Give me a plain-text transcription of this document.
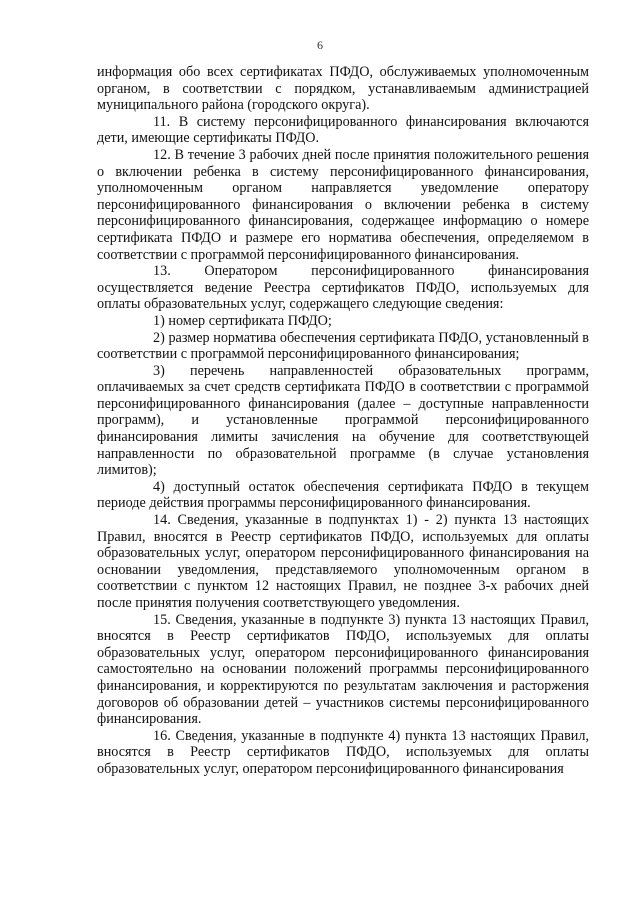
6

информация обо всех сертификатах ПФДО, обслуживаемых уполномоченным органом, в соответствии с порядком, устанавливаемым администрацией муниципального района (городского округа).

11. В систему персонифицированного финансирования включаются дети, имеющие сертификаты ПФДО.

12. В течение 3 рабочих дней после принятия положительного решения о включении ребенка в систему персонифицированного финансирования, уполномоченным органом направляется уведомление оператору персонифицированного финансирования о включении ребенка в систему персонифицированного финансирования, содержащее информацию о номере сертификата ПФДО и размере его норматива обеспечения, определяемом в соответствии с программой персонифицированного финансирования.

13. Оператором персонифицированного финансирования осуществляется ведение Реестра сертификатов ПФДО, используемых для оплаты образовательных услуг, содержащего следующие сведения:

1) номер сертификата ПФДО;

2) размер норматива обеспечения сертификата ПФДО, установленный в соответствии с программой персонифицированного финансирования;

3) перечень направленностей образовательных программ, оплачиваемых за счет средств сертификата ПФДО в соответствии с программой персонифицированного финансирования (далее – доступные направленности программ), и установленные программой персонифицированного финансирования лимиты зачисления на обучение для соответствующей направленности по образовательной программе (в случае установления лимитов);

4) доступный остаток обеспечения сертификата ПФДО в текущем периоде действия программы персонифицированного финансирования.

14. Сведения, указанные в подпунктах 1) - 2) пункта 13 настоящих Правил, вносятся в Реестр сертификатов ПФДО, используемых для оплаты образовательных услуг, оператором персонифицированного финансирования на основании уведомления, представляемого уполномоченным органом в соответствии с пунктом 12 настоящих Правил, не позднее 3-х рабочих дней после принятия получения соответствующего уведомления.

15. Сведения, указанные в подпункте 3) пункта 13 настоящих Правил, вносятся в Реестр сертификатов ПФДО, используемых для оплаты образовательных услуг, оператором персонифицированного финансирования самостоятельно на основании положений программы персонифицированного финансирования, и корректируются по результатам заключения и расторжения договоров об образовании детей – участников системы персонифицированного финансирования.

16. Сведения, указанные в подпункте 4) пункта 13 настоящих Правил, вносятся в Реестр сертификатов ПФДО, используемых для оплаты образовательных услуг, оператором персонифицированного финансирования
